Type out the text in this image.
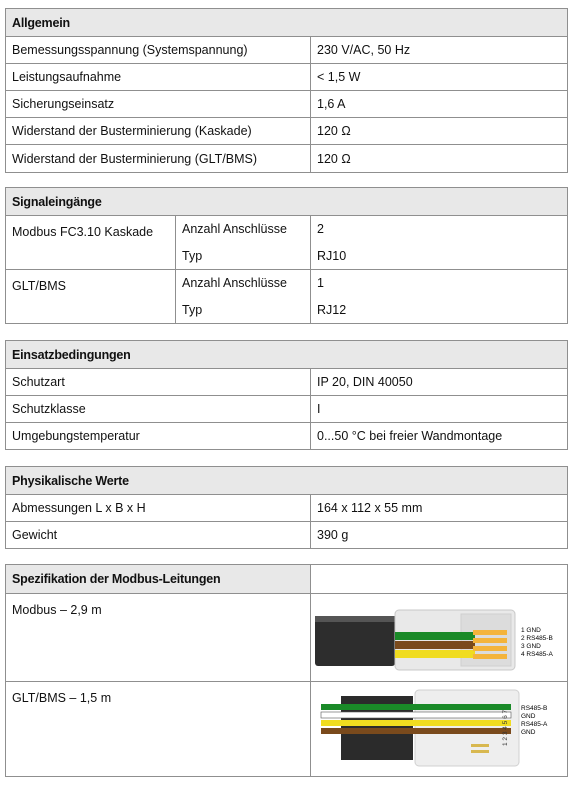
Allgemein	
Bemessungsspannung (Systemspannung)	230 V/AC, 50 Hz
Leistungsaufnahme	< 1,5 W
Sicherungseinsatz	1,6 A
Widerstand der Busterminierung (Kaskade)	120 Ω
Widerstand der Busterminierung (GLT/BMS)	120 Ω
Signaleingänge		
Modbus FC3.10 Kaskade	Anzahl Anschlüsse	2
	Typ	RJ10
GLT/BMS	Anzahl Anschlüsse	1
	Typ	RJ12
Einsatzbedingungen	
Schutzart	IP 20, DIN 40050
Schutzklasse	I
Umgebungstemperatur	0...50 °C bei freier Wandmontage
Physikalische Werte	
Abmessungen L x B x H	164 x 112 x 55 mm
Gewicht	390 g
Spezifikation der Modbus-Leitungen	
Modbus – 2,9 m	1 GND
2 RS485-B
3 GND
4 RS485-A

GLT/BMS – 1,5 m	1 2 3 4 5 6 7
RS485-B
GND
RS485-A
GND
